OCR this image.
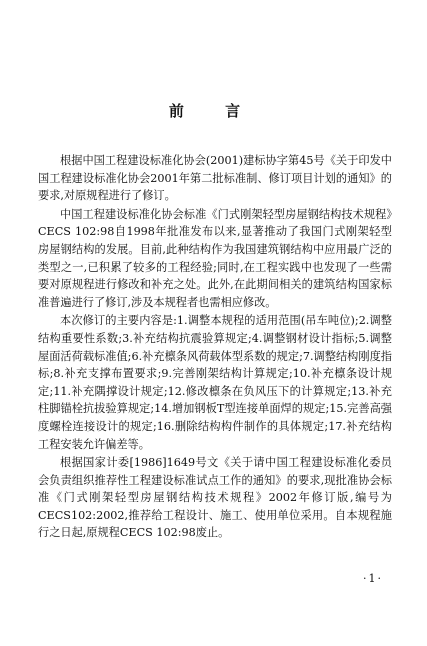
前 言

根据中国工程建设标准化协会(2001)建标协字第45号《关于印发中国工程建设标准化协会2001年第二批标准制、修订项目计划的通知》的要求,对原规程进行了修订。

中国工程建设标准化协会标准《门式刚架轻型房屋钢结构技术规程》CECS 102:98自1998年批准发布以来,显著推动了我国门式刚架轻型房屋钢结构的发展。目前,此种结构作为我国建筑钢结构中应用最广泛的类型之一,已积累了较多的工程经验;同时,在工程实践中也发现了一些需要对原规程进行修改和补充之处。此外,在此期间相关的建筑结构国家标准普遍进行了修订,涉及本规程者也需相应修改。

本次修订的主要内容是:1.调整本规程的适用范围(吊车吨位);2.调整结构重要性系数;3.补充结构抗震验算规定;4.调整钢材设计指标;5.调整屋面活荷载标准值;6.补充檩条风荷载体型系数的规定;7.调整结构刚度指标;8.补充支撑布置要求;9.完善刚架结构计算规定;10.补充檩条设计规定;11.补充隅撑设计规定;12.修改檩条在负风压下的计算规定;13.补充柱脚锚栓抗拔验算规定;14.增加钢板T型连接单面焊的规定;15.完善高强度螺栓连接设计的规定;16.删除结构构件制作的具体规定;17.补充结构工程安装允许偏差等。

根据国家计委[1986]1649号文《关于请中国工程建设标准化委员会负责组织推荐性工程建设标准试点工作的通知》的要求,现批准协会标准《门式刚架轻型房屋钢结构技术规程》2002年修订版,编号为CECS102:2002,推荐给工程设计、施工、使用单位采用。自本规程施行之日起,原规程CECS 102:98废止。

·1·
